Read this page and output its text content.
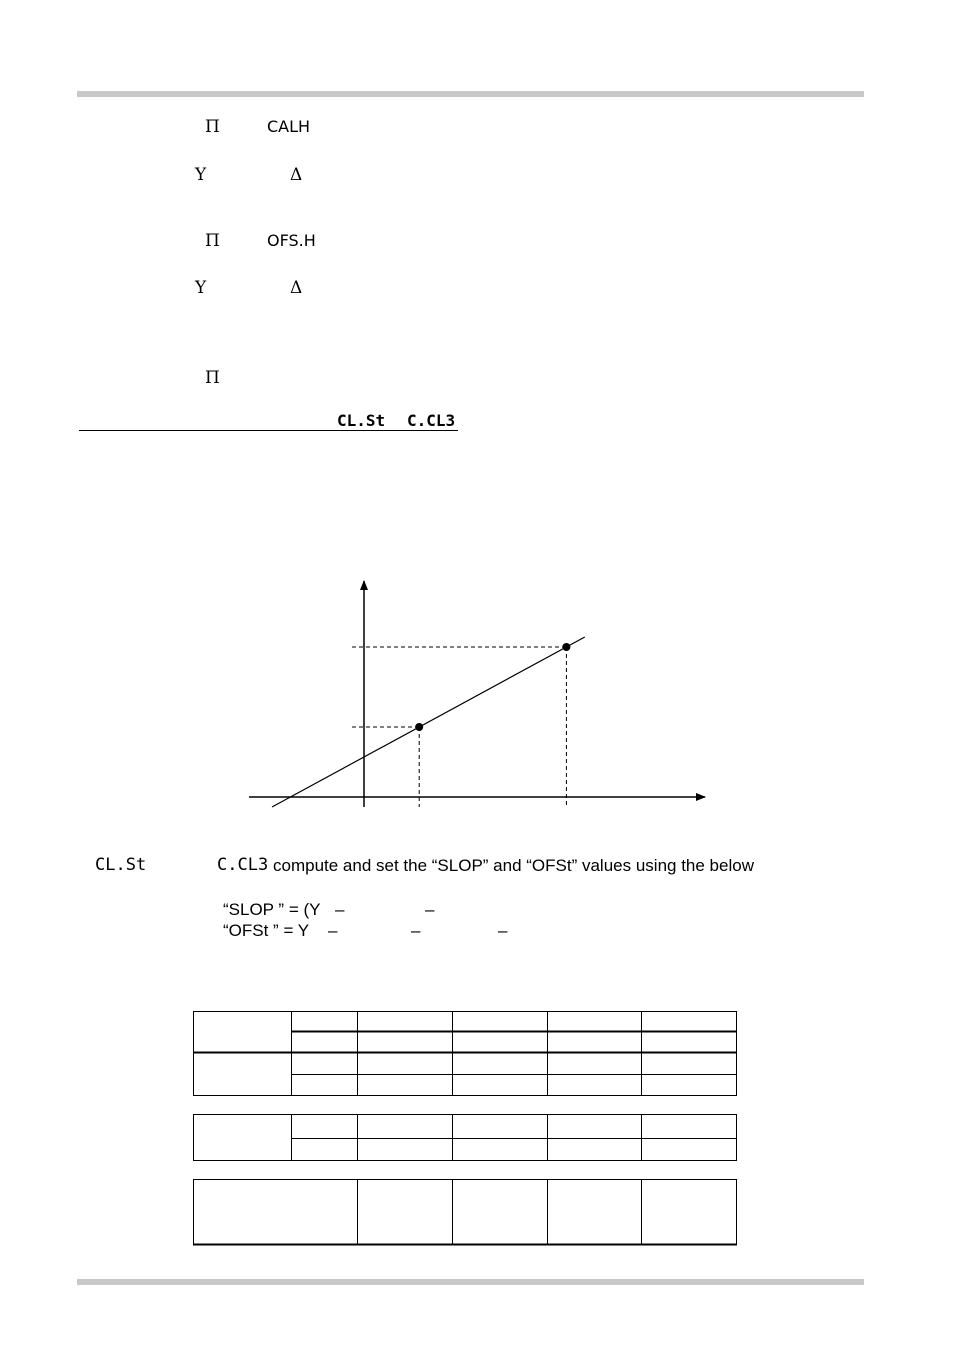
Π	CALH
Y	Δ
Π	OFS.H
Y	Δ
Π
CL.St C.CL3
CL.St	C.CL3 compute and set the “SLOP” and “OFSt” values using the below
“SLOP ” = (Y –	–
“OFSt ” = Y –	–	–
